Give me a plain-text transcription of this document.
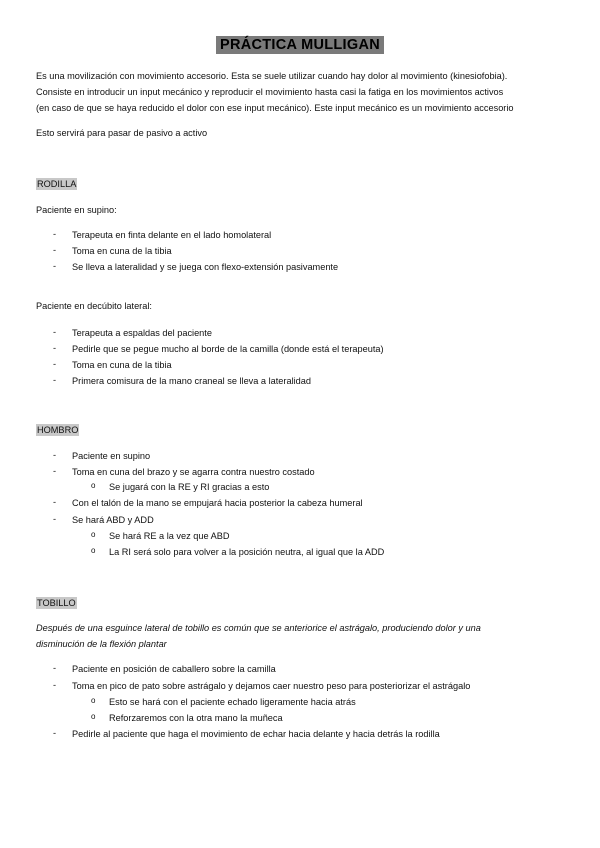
PRÁCTICA MULLIGAN
Es una movilización con movimiento accesorio. Esta se suele utilizar cuando hay dolor al movimiento (kinesiofobia).
Consiste en introducir un input mecánico y reproducir el movimiento hasta casi la fatiga en los movimientos activos
(en caso de que se haya reducido el dolor con ese input mecánico). Este input mecánico es un movimiento accesorio
Esto servirá para pasar de pasivo a activo
RODILLA
Paciente en supino:
- Terapeuta en finta delante en el lado homolateral
- Toma en cuna de la tibia
- Se lleva a lateralidad y se juega con flexo-extensión pasivamente
Paciente en decúbito lateral:
- Terapeuta a espaldas del paciente
- Pedirle que se pegue mucho al borde de la camilla (donde está el terapeuta)
- Toma en cuna de la tibia
- Primera comisura de la mano craneal se lleva a lateralidad
HOMBRO
- Paciente en supino
- Toma en cuna del brazo y se agarra contra nuestro costado
o Se jugará con la RE y RI gracias a esto
- Con el talón de la mano se empujará hacia posterior la cabeza humeral
- Se hará ABD y ADD
o Se hará RE a la vez que ABD
o La RI será solo para volver a la posición neutra, al igual que la ADD
TOBILLO
Después de una esguince lateral de tobillo es común que se anteriorice el astrágalo, produciendo dolor y una
disminución de la flexión plantar
- Paciente en posición de caballero sobre la camilla
- Toma en pico de pato sobre astrágalo y dejamos caer nuestro peso para posteriorizar el astrágalo
o Esto se hará con el paciente echado ligeramente hacia atrás
o Reforzaremos con la otra mano la muñeca
- Pedirle al paciente que haga el movimiento de echar hacia delante y hacia detrás la rodilla
